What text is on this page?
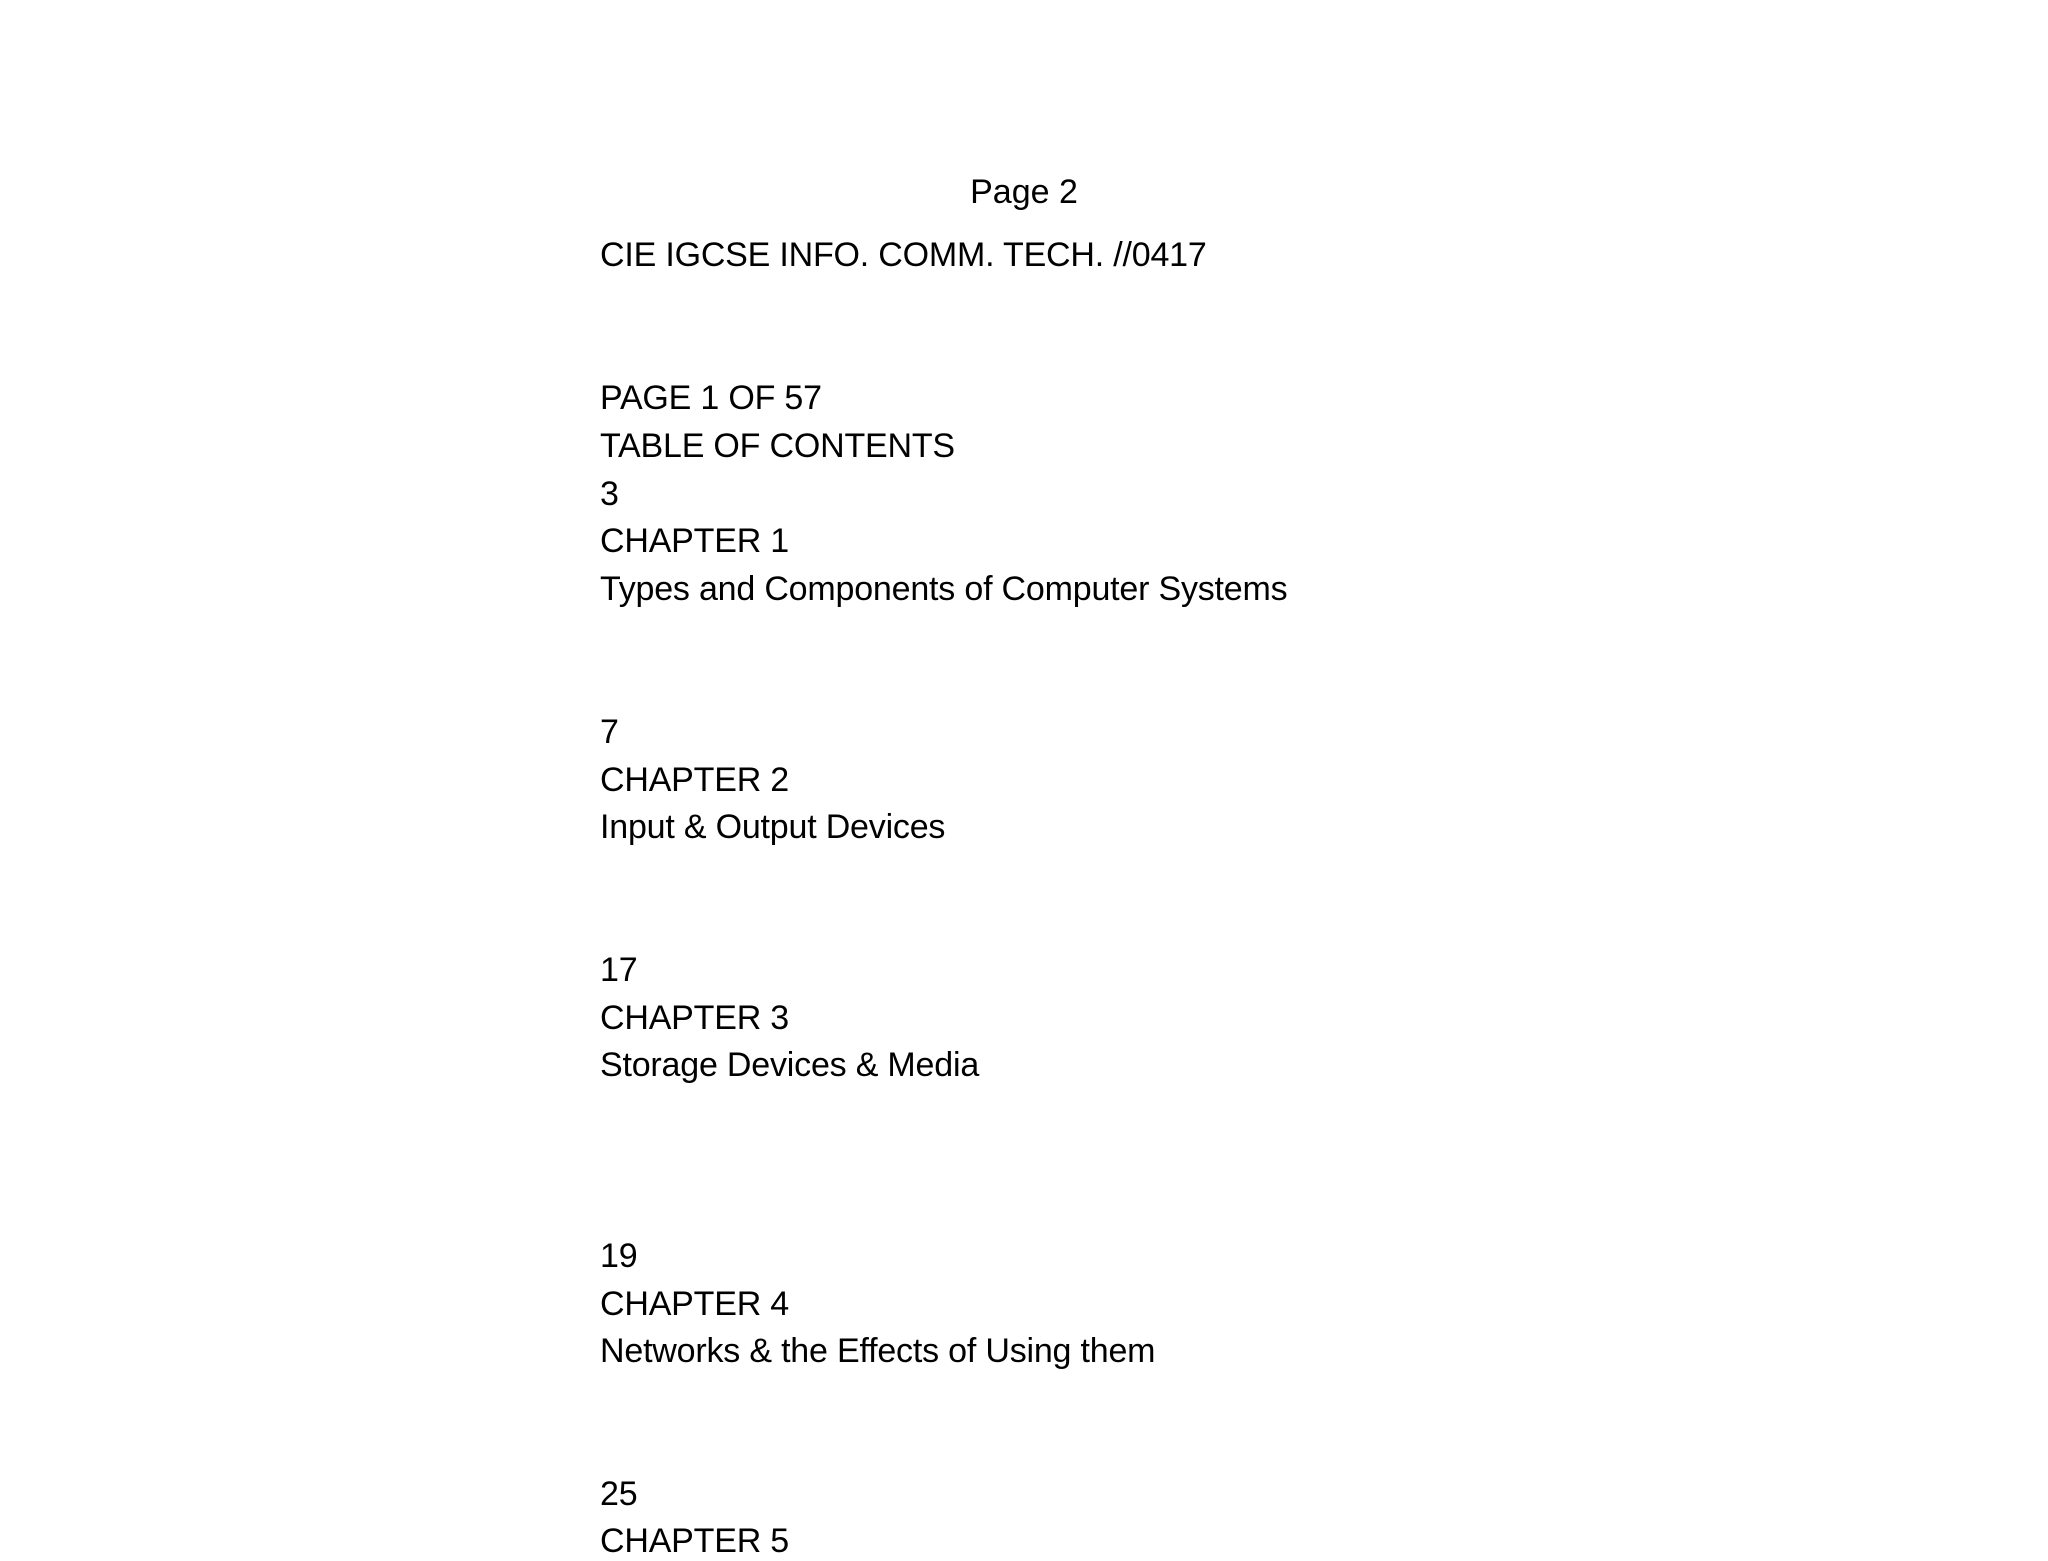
Page 2
CIE IGCSE INFO. COMM. TECH. //0417
PAGE 1 OF 57
TABLE OF CONTENTS
3
CHAPTER 1
Types and Components of Computer Systems
7
CHAPTER 2
Input & Output Devices
17
CHAPTER 3
Storage Devices & Media
19
CHAPTER 4
Networks & the Effects of Using them
25
CHAPTER 5
